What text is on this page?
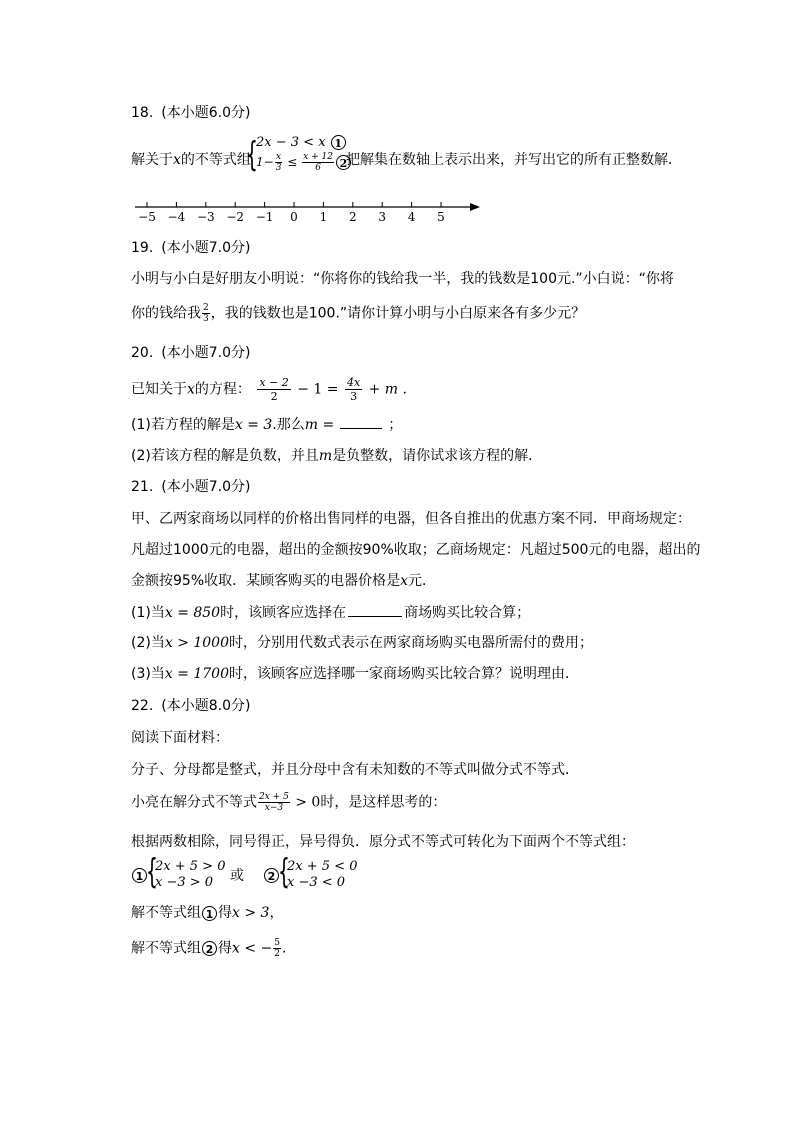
18. (本小题6.0分)
解关于x的不等式组
{
2x − 3 < x 1
$1- \frac{x}{3} \le \frac{x + 12}{6} 2$
把解集在数轴上表示出来，并写出它的所有正整数解．
−5 −4 −3 −2 −1 0 1 2 3 4 5
19. (本小题7.0分)
小明与小白是好朋友小明说：“你将你的钱给我一半，我的钱数是100元.”小白说：“你将
你的钱给我 $\frac{2}{3}$ ，我的钱数也是100.”请你计算小明与小白原来各有多少元？
20. (本小题7.0分)
已知关于x的方程： $\frac{x - 2}{2} - 1 = \frac{4x}{3} + m$ .
(1)若方程的解是x = 3.那么m =	；
(2)若该方程的解是负数，并且m是负整数，请你试求该方程的解．
21. (本小题7.0分)
甲、乙两家商场以同样的价格出售同样的电器，但各自推出的优惠方案不同．甲商场规定：
凡超过1000元的电器，超出的金额按90%收取；乙商场规定：凡超过500元的电器，超出的
金额按95%收取．某顾客购买的电器价格是x元．
(1)当x = 850时，该顾客应选择在	商场购买比较合算；
(2)当x > 1000时，分别用代数式表示在两家商场购买电器所需付的费用；
(3)当x = 1700时，该顾客应选择哪一家商场购买比较合算？说明理由．
22. (本小题8.0分)
阅读下面材料：
分子、分母都是整式，并且分母中含有未知数的不等式叫做分式不等式．
小亮在解分式不等式 $\frac{2x + 5}{x-3} > 0$时，是这样思考的：
根据两数相除，同号得正，异号得负．原分式不等式可转化为下面两个不等式组：
1 {
2x + 5 > 0
x −3 > 0 或	2 {
2x + 5 < 0
x −3 < 0
解不等式组 1 得x > 3，
解不等式组 2 得x < − $\frac{5}{2}$ .
